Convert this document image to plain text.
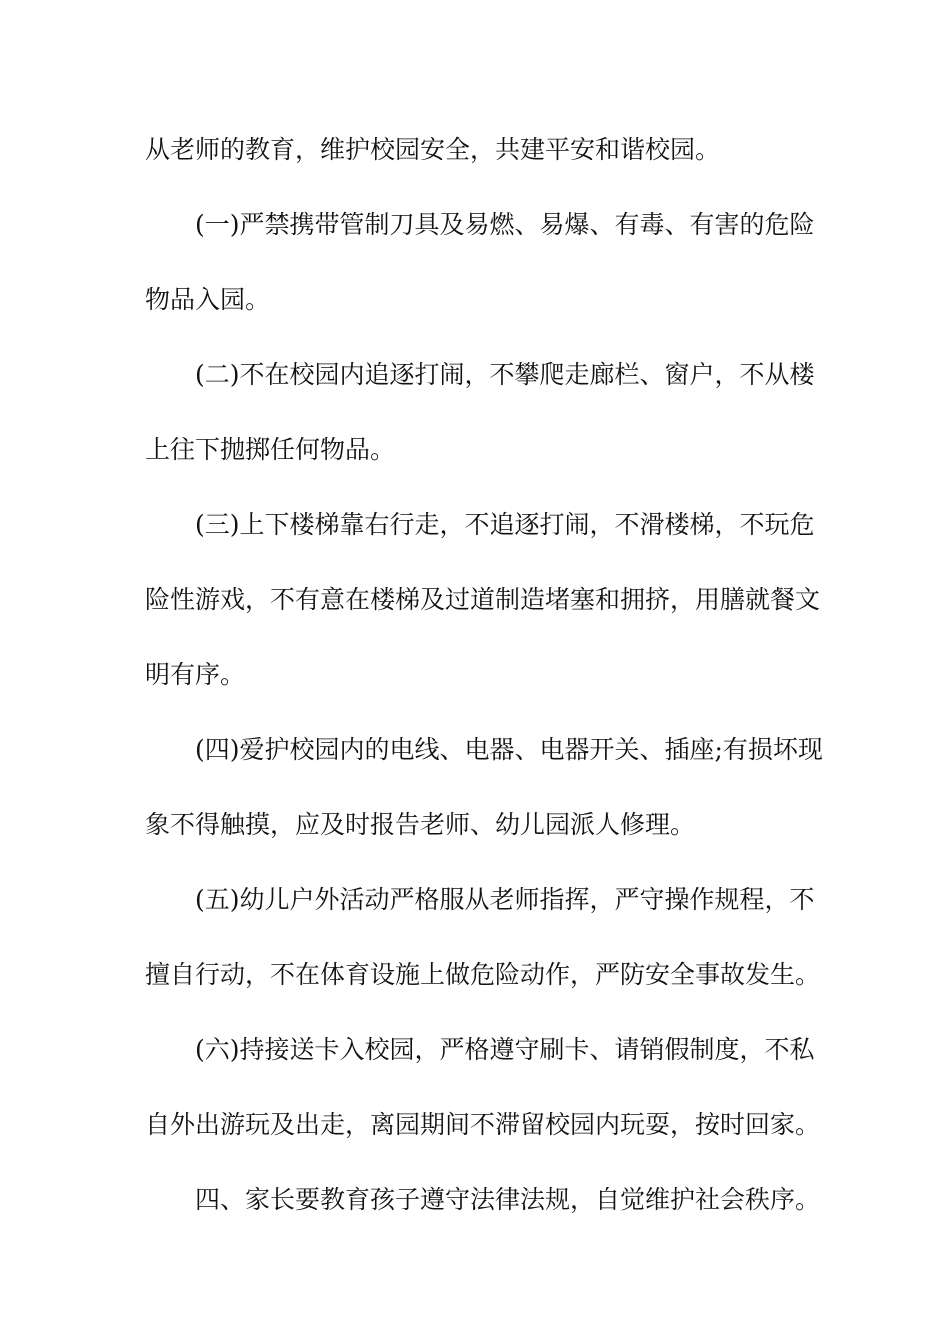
从老师的教育，维护校园安全，共建平安和谐校园。
(一)严禁携带管制刀具及易燃、易爆、有毒、有害的危险
物品入园。
(二)不在校园内追逐打闹，不攀爬走廊栏、窗户，不从楼
上往下抛掷任何物品。
(三)上下楼梯靠右行走，不追逐打闹，不滑楼梯，不玩危
险性游戏，不有意在楼梯及过道制造堵塞和拥挤，用膳就餐文
明有序。
(四)爱护校园内的电线、电器、电器开关、插座;有损坏现
象不得触摸，应及时报告老师、幼儿园派人修理。
(五)幼儿户外活动严格服从老师指挥，严守操作规程，不
擅自行动，不在体育设施上做危险动作，严防安全事故发生。
(六)持接送卡入校园，严格遵守刷卡、请销假制度，不私
自外出游玩及出走，离园期间不滞留校园内玩耍，按时回家。
四、家长要教育孩子遵守法律法规，自觉维护社会秩序。
